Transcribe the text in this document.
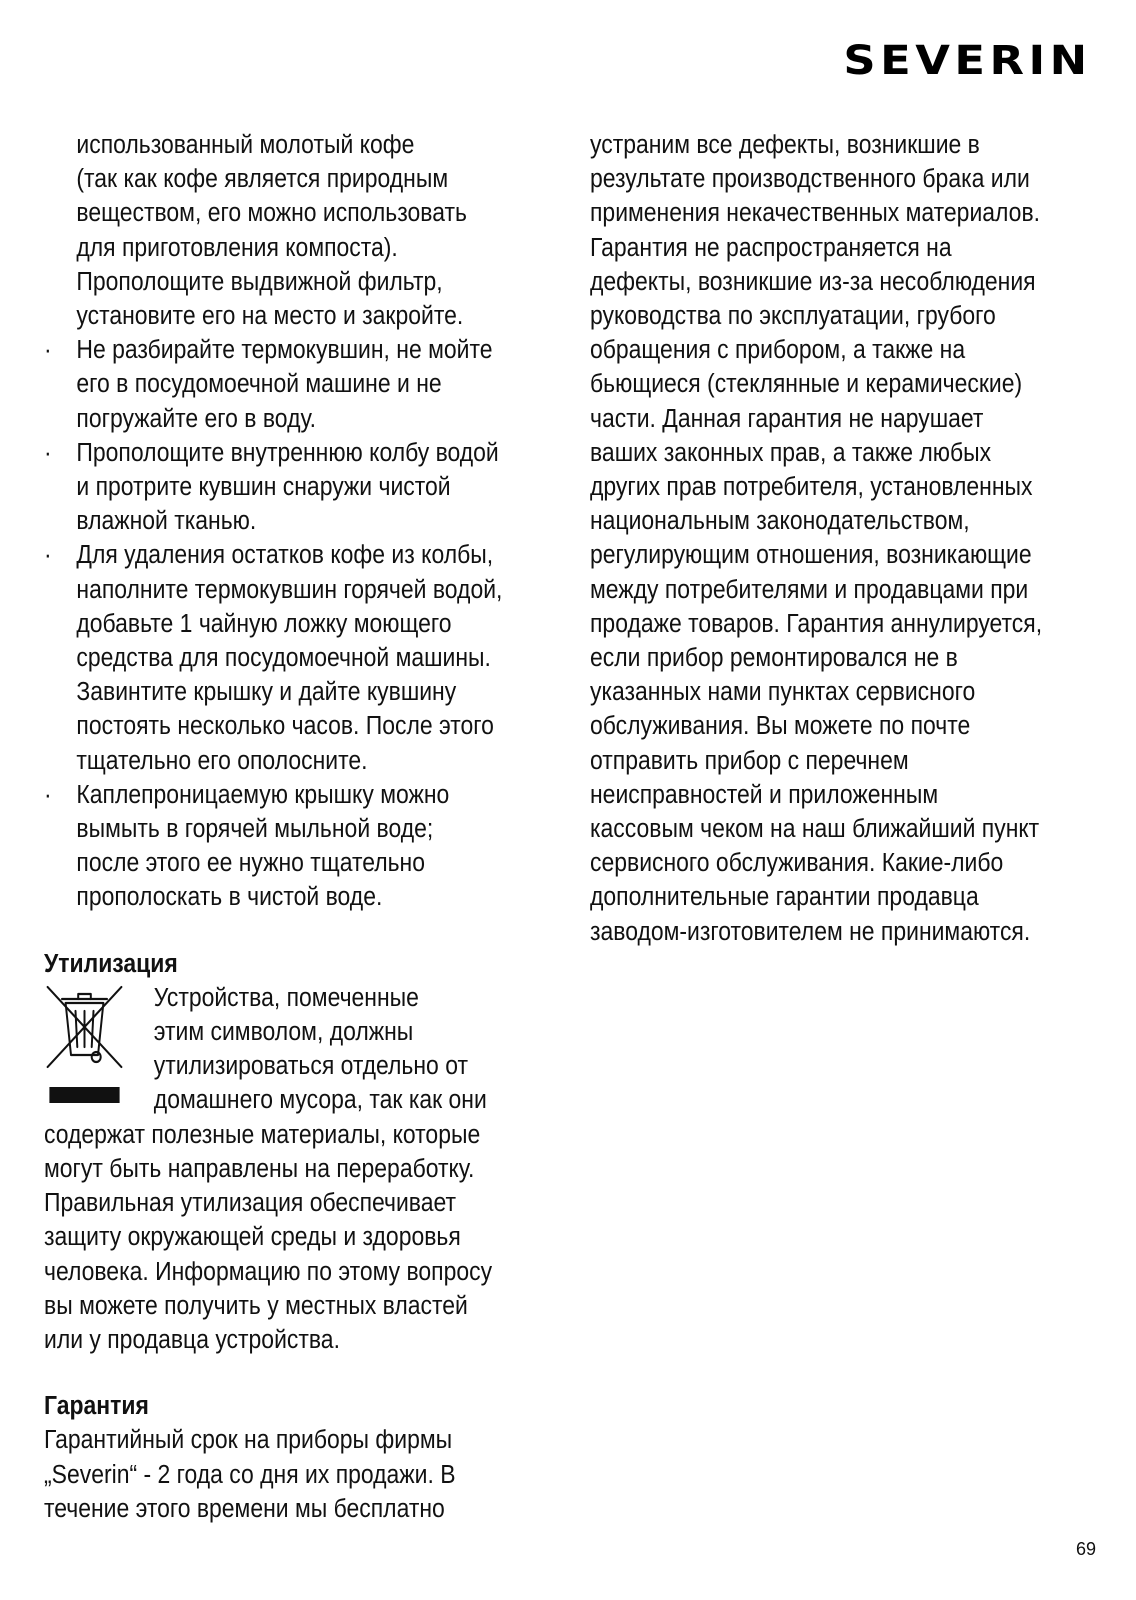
SEVERIN
использованный молотый кофе
(так как кофе является природным
веществом, его можно использовать
для приготовления компоста).
Прополощите выдвижной фильтр,
установите его на место и закройте.
· Не разбирайте термокувшин, не мойте
его в посудомоечной машине и не
погружайте его в воду.
· Прополощите внутреннюю колбу водой
и протрите кувшин снаружи чистой
влажной тканью.
· Для удаления остатков кофе из колбы,
наполните термокувшин горячей водой,
добавьте 1 чайную ложку моющего
средства для посудомоечной машины.
Завинтите крышку и дайте кувшину
постоять несколько часов. После этого
тщательно его ополосните.
· Каплепроницаемую крышку можно
вымыть в горячей мыльной воде;
после этого ее нужно тщательно
прополоскать в чистой воде.
Утилизация
Устройства, помеченные
этим символом, должны
утилизироваться отдельно от
домашнего мусора, так как они
содержат полезные материалы, которые
могут быть направлены на переработку.
Правильная утилизация обеспечивает
защиту окружающей среды и здоровья
человека. Информацию по этому вопросу
вы можете получить у местных властей
или у продавца устройства.
Гарантия
Гарантийный срок на приборы фирмы
„Severin“ - 2 года со дня их продажи. В
течение этого времени мы бесплатно
устраним все дефекты, возникшие в
результате производственного брака или
применения некачественных материалов.
Гарантия не распространяется на
дефекты, возникшие из-за несоблюдения
руководства по эксплуатации, грубого
обращения с прибором, а также на
бьющиеся (стеклянные и керамические)
части. Данная гарантия не нарушает
ваших законных прав, а также любых
других прав потребителя, установленных
национальным законодательством,
регулирующим отношения, возникающие
между потребителями и продавцами при
продаже товаров. Гарантия аннулируется,
если прибор ремонтировался не в
указанных нами пунктах сервисного
обслуживания. Вы можете по почте
отправить прибор с перечнем
неисправностей и приложенным
кассовым чеком на наш ближайший пункт
сервисного обслуживания. Какие-либо
дополнительные гарантии продавца
заводом-изготовителем не принимаются.
69
